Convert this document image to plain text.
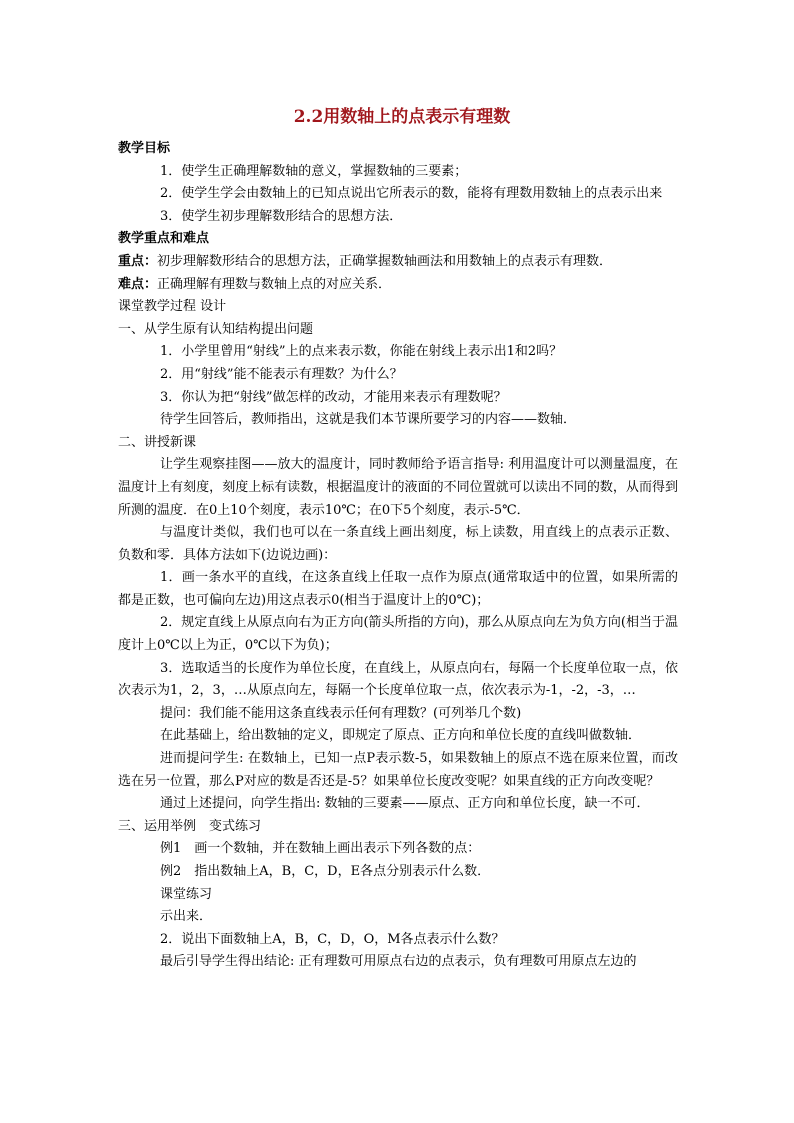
2.2用数轴上的点表示有理数

教学目标

1．使学生正确理解数轴的意义，掌握数轴的三要素；

2．使学生学会由数轴上的已知点说出它所表示的数，能将有理数用数轴上的点表示出来

3．使学生初步理解数形结合的思想方法．

教学重点和难点

重点：初步理解数形结合的思想方法，正确掌握数轴画法和用数轴上的点表示有理数．

难点：正确理解有理数与数轴上点的对应关系．

课堂教学过程 设计

一、从学生原有认知结构提出问题

1．小学里曾用“射线”上的点来表示数，你能在射线上表示出1和2吗？

2．用“射线”能不能表示有理数？为什么？

3．你认为把“射线”做怎样的改动，才能用来表示有理数呢？

待学生回答后，教师指出，这就是我们本节课所要学习的内容——数轴．

二、讲授新课

让学生观察挂图——放大的温度计，同时教师给予语言指导: 利用温度计可以测量温度，在温度计上有刻度，刻度上标有读数，根据温度计的液面的不同位置就可以读出不同的数，从而得到所测的温度．在0上10个刻度，表示10℃；在0下5个刻度，表示-5℃．

与温度计类似，我们也可以在一条直线上画出刻度，标上读数，用直线上的点表示正数、负数和零．具体方法如下(边说边画)：

1．画一条水平的直线，在这条直线上任取一点作为原点(通常取适中的位置，如果所需的都是正数，也可偏向左边)用这点表示0(相当于温度计上的0℃)；

2．规定直线上从原点向右为正方向(箭头所指的方向)，那么从原点向左为负方向(相当于温度计上0℃以上为正，0℃以下为负)；

3．选取适当的长度作为单位长度，在直线上，从原点向右，每隔一个长度单位取一点，依次表示为1，2，3，…从原点向左，每隔一个长度单位取一点，依次表示为-1，-2，-3，…

提问：我们能不能用这条直线表示任何有理数？(可列举几个数)

在此基础上，给出数轴的定义，即规定了原点、正方向和单位长度的直线叫做数轴．

进而提问学生: 在数轴上，已知一点P表示数-5，如果数轴上的原点不选在原来位置，而改选在另一位置，那么P对应的数是否还是-5？如果单位长度改变呢？如果直线的正方向改变呢？

通过上述提问，向学生指出: 数轴的三要素——原点、正方向和单位长度，缺一不可．

三、运用举例　变式练习

例1　画一个数轴，并在数轴上画出表示下列各数的点：

例2　指出数轴上A，B，C，D，E各点分别表示什么数．

课堂练习

示出来．

2．说出下面数轴上A，B，C，D，O，M各点表示什么数？

最后引导学生得出结论: 正有理数可用原点右边的点表示，负有理数可用原点左边的
